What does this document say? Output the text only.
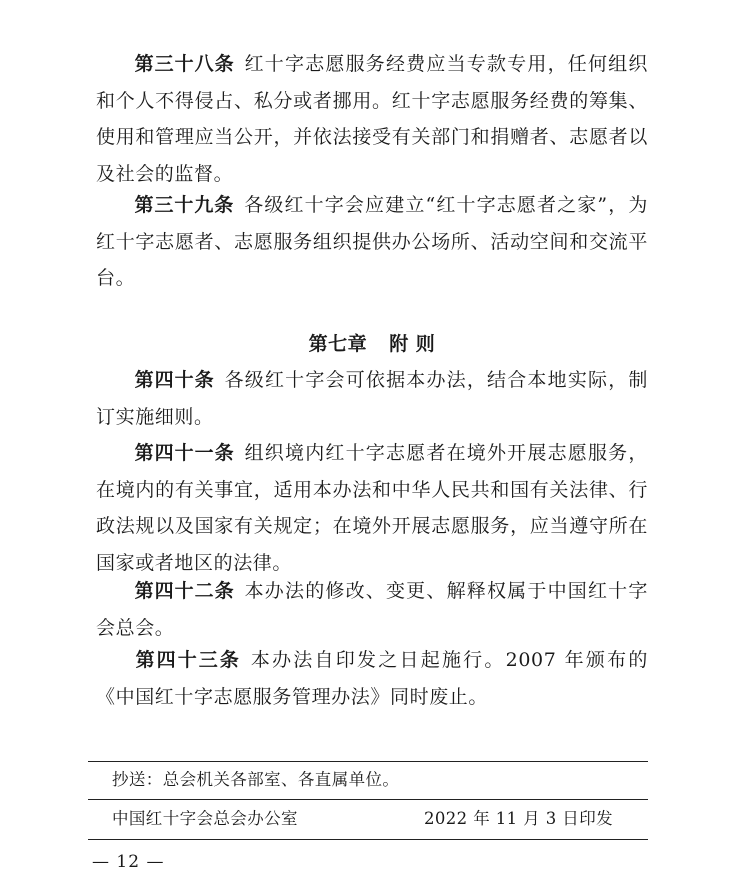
第三十八条 红十字志愿服务经费应当专款专用，任何组织和个人不得侵占、私分或者挪用。红十字志愿服务经费的筹集、使用和管理应当公开，并依法接受有关部门和捐赠者、志愿者以及社会的监督。

第三十九条 各级红十字会应建立“红十字志愿者之家”，为红十字志愿者、志愿服务组织提供办公场所、活动空间和交流平台。

第七章 附 则

第四十条 各级红十字会可依据本办法，结合本地实际，制订实施细则。

第四十一条 组织境内红十字志愿者在境外开展志愿服务，在境内的有关事宜，适用本办法和中华人民共和国有关法律、行政法规以及国家有关规定；在境外开展志愿服务，应当遵守所在国家或者地区的法律。

第四十二条 本办法的修改、变更、解释权属于中国红十字会总会。

第四十三条 本办法自印发之日起施行。2007 年颁布的《中国红十字志愿服务管理办法》同时废止。

抄送：总会机关各部室、各直属单位。
中国红十字会总会办公室	2022 年 11 月 3 日印发
— 12 —
